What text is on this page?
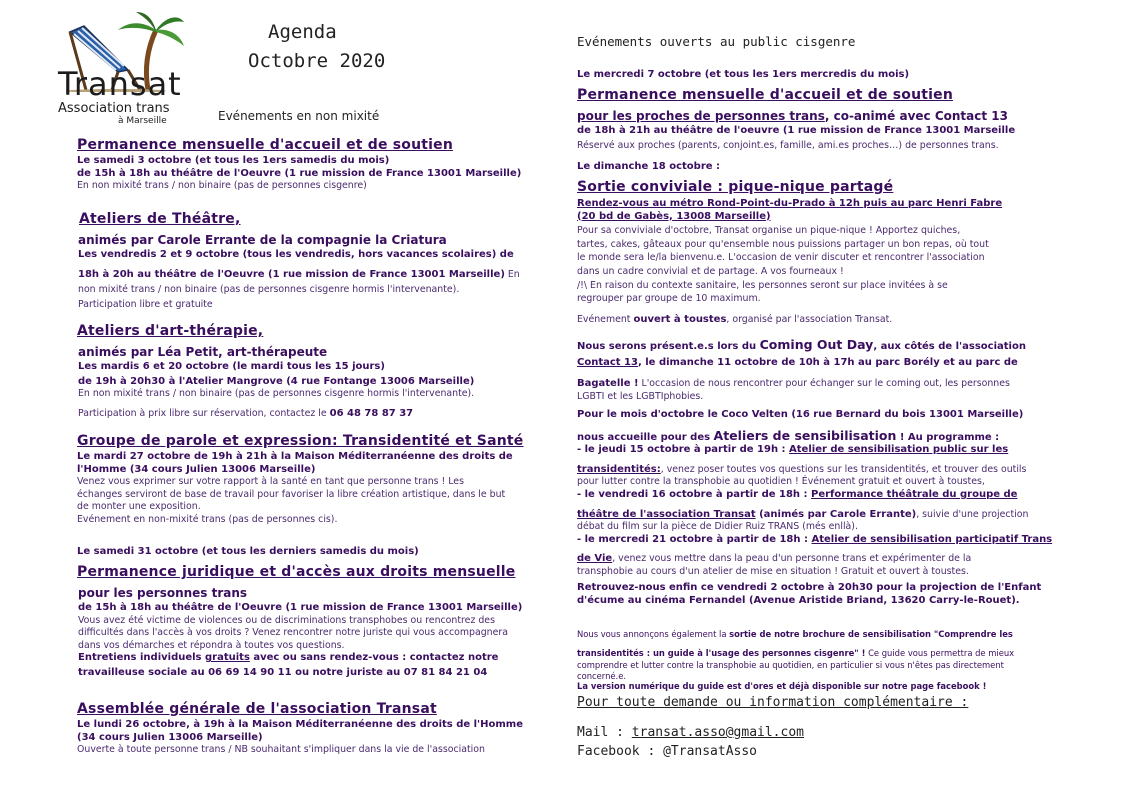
Transat
Association trans
à Marseille
Agenda
Octobre 2020
Evénements en non mixité
Evénements ouverts au public cisgenre
Permanence mensuelle d'accueil et de soutien
Le samedi 3 octobre (et tous les 1ers samedis du mois)
de 15h à 18h au théâtre de l'Oeuvre (1 rue mission de France 13001 Marseille)
En non mixité trans / non binaire (pas de personnes cisgenre)
Ateliers de Théâtre,
animés par Carole Errante de la compagnie la Criatura
Les vendredis 2 et 9 octobre (tous les vendredis, hors vacances scolaires) de
18h à 20h au théâtre de l'Oeuvre (1 rue mission de France 13001 Marseille) En
non mixité trans / non binaire (pas de personnes cisgenre hormis l'intervenante).
Participation libre et gratuite
Ateliers d'art-thérapie,
animés par Léa Petit, art-thérapeute
Les mardis 6 et 20 octobre (le mardi tous les 15 jours)
de 19h à 20h30 à l'Atelier Mangrove (4 rue Fontange 13006 Marseille)
En non mixité trans / non binaire (pas de personnes cisgenre hormis l'intervenante).
Participation à prix libre sur réservation, contactez le 06 48 78 87 37
Groupe de parole et expression: Transidentité et Santé
Le mardi 27 octobre de 19h à 21h à la Maison Méditerranéenne des droits de
l'Homme (34 cours Julien 13006 Marseille)
Venez vous exprimer sur votre rapport à la santé en tant que personne trans ! Les
échanges serviront de base de travail pour favoriser la libre création artistique, dans le but
de monter une exposition.
Evénement en non-mixité trans (pas de personnes cis).
Le samedi 31 octobre (et tous les derniers samedis du mois)
Permanence juridique et d'accès aux droits mensuelle
pour les personnes trans
de 15h à 18h au théâtre de l'Oeuvre (1 rue mission de France 13001 Marseille)
Vous avez été victime de violences ou de discriminations transphobes ou rencontrez des
difficultés dans l'accès à vos droits ? Venez rencontrer notre juriste qui vous accompagnera
dans vos démarches et répondra à toutes vos questions.
Entretiens individuels gratuits avec ou sans rendez-vous : contactez notre
travailleuse sociale au 06 69 14 90 11 ou notre juriste au 07 81 84 21 04
Assemblée générale de l'association Transat
Le lundi 26 octobre, à 19h à la Maison Méditerranéenne des droits de l'Homme
(34 cours Julien 13006 Marseille)
Ouverte à toute personne trans / NB souhaitant s'impliquer dans la vie de l'association
Le mercredi 7 octobre (et tous les 1ers mercredis du mois)
Permanence mensuelle d'accueil et de soutien
pour les proches de personnes trans, co-animé avec Contact 13
de 18h à 21h au théâtre de l'oeuvre (1 rue mission de France 13001 Marseille
Réservé aux proches (parents, conjoint.es, famille, ami.es proches…) de personnes trans.
Le dimanche 18 octobre :
Sortie conviviale : pique-nique partagé
Rendez-vous au métro Rond-Point-du-Prado à 12h puis au parc Henri Fabre
(20 bd de Gabès, 13008 Marseille)
Pour sa conviviale d'octobre, Transat organise un pique-nique ! Apportez quiches,
tartes, cakes, gâteaux pour qu'ensemble nous puissions partager un bon repas, où tout
le monde sera le/la bienvenu.e. L'occasion de venir discuter et rencontrer l'association
dans un cadre convivial et de partage. A vos fourneaux !
/!\ En raison du contexte sanitaire, les personnes seront sur place invitées à se
regrouper par groupe de 10 maximum.
Evénement ouvert à toustes, organisé par l'association Transat.
Nous serons présent.e.s lors du Coming Out Day, aux côtés de l'association
Contact 13, le dimanche 11 octobre de 10h à 17h au parc Borély et au parc de
Bagatelle ! L'occasion de nous rencontrer pour échanger sur le coming out, les personnes
LGBTI et les LGBTIphobies.
Pour le mois d'octobre le Coco Velten (16 rue Bernard du bois 13001 Marseille)
nous accueille pour des Ateliers de sensibilisation ! Au programme :
- le jeudi 15 octobre à partir de 19h : Atelier de sensibilisation public sur les
transidentités:, venez poser toutes vos questions sur les transidentités, et trouver des outils
pour lutter contre la transphobie au quotidien ! Événement gratuit et ouvert à toustes,
- le vendredi 16 octobre à partir de 18h : Performance théâtrale du groupe de
théâtre de l'association Transat (animés par Carole Errante), suivie d'une projection
débat du film sur la pièce de Didier Ruiz TRANS (més enllà).
- le mercredi 21 octobre à partir de 18h : Atelier de sensibilisation participatif Trans
de Vie, venez vous mettre dans la peau d'un personne trans et expérimenter de la
transphobie au cours d'un atelier de mise en situation ! Gratuit et ouvert à toustes.
Retrouvez-nous enfin ce vendredi 2 octobre à 20h30 pour la projection de l'Enfant
d'écume au cinéma Fernandel (Avenue Aristide Briand, 13620 Carry-le-Rouet).
Nous vous annonçons également la sortie de notre brochure de sensibilisation "Comprendre les
transidentités : un guide à l'usage des personnes cisgenre" ! Ce guide vous permettra de mieux
comprendre et lutter contre la transphobie au quotidien, en particulier si vous n'êtes pas directement
concerné.e.
La version numérique du guide est d'ores et déjà disponible sur notre page facebook !
Pour toute demande ou information complémentaire :
Mail : transat.asso@gmail.com
Facebook : @TransatAsso
